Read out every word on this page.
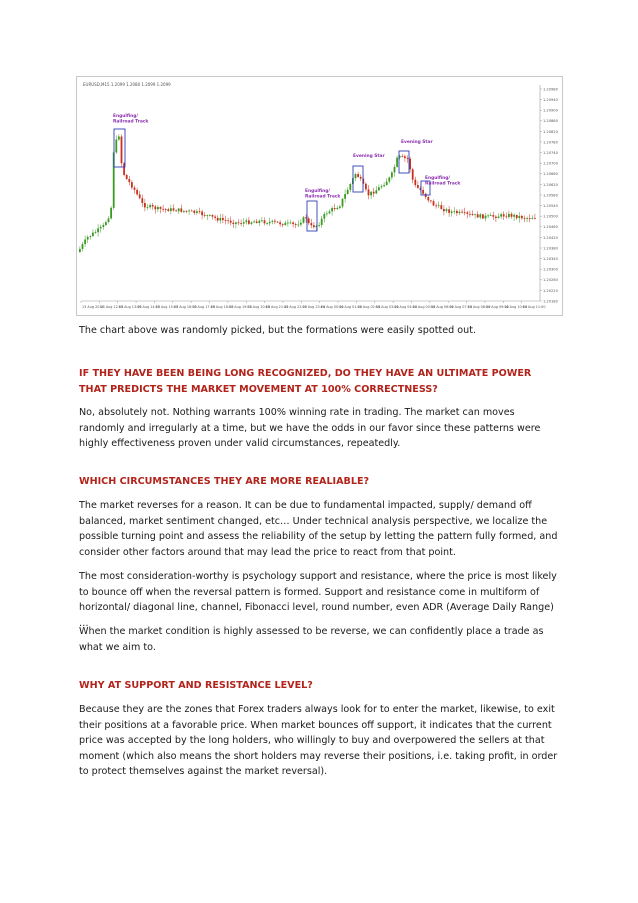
EURUSD,M15 1.2099 1.2080 1.2099 1.2099
1.20980
1.20940
1.20900
1.20860
1.20820
1.20780
1.20740
1.20700
1.20660
1.20620
1.20580
1.20540
1.20500
1.20460
1.20420
1.20380
1.20340
1.20300
1.20260
1.20220
1.20180
13 Aug 2014
13 Aug 12:00
13 Aug 13:00
13 Aug 14:00
13 Aug 15:00
13 Aug 16:00
13 Aug 17:00
13 Aug 18:00
13 Aug 19:00
13 Aug 20:00
13 Aug 21:00
13 Aug 22:00
13 Aug 23:00
14 Aug 00:00
14 Aug 01:00
14 Aug 02:00
14 Aug 03:00
14 Aug 04:00
14 Aug 05:00
14 Aug 06:00
14 Aug 07:00
14 Aug 08:00
14 Aug 09:00
14 Aug 10:00
14 Aug 11:00
Engulfing/
Railroad Track
Engulfing/
Railroad Track
Evening Star
Evening Star
Engulfing/
Railroad Track

The chart above was randomly picked, but the formations were easily spotted out.

IF THEY HAVE BEEN BEING LONG RECOGNIZED, DO THEY HAVE AN ULTIMATE POWER THAT PREDICTS THE MARKET MOVEMENT AT 100% CORRECTNESS?

No, absolutely not. Nothing warrants 100% winning rate in trading. The market can moves randomly and irregularly at a time, but we have the odds in our favor since these patterns were highly effectiveness proven under valid circumstances, repeatedly.

WHICH CIRCUMSTANCES THEY ARE MORE REALIABLE?

The market reverses for a reason. It can be due to fundamental impacted, supply/ demand off balanced, market sentiment changed, etc… Under technical analysis perspective, we localize the possible turning point and assess the reliability of the setup by letting the pattern fully formed, and consider other factors around that may lead the price to react from that point.

The most consideration-worthy is psychology support and resistance, where the price is most likely to bounce off when the reversal pattern is formed. Support and resistance come in multiform of horizontal/ diagonal line, channel, Fibonacci level, round number, even ADR (Average Daily Range) …

When the market condition is highly assessed to be reverse, we can confidently place a trade as what we aim to.

WHY AT SUPPORT AND RESISTANCE LEVEL?

Because they are the zones that Forex traders always look for to enter the market, likewise, to exit their positions at a favorable price. When market bounces off support, it indicates that the current price was accepted by the long holders, who willingly to buy and overpowered the sellers at that moment (which also means the short holders may reverse their positions, i.e. taking profit, in order to protect themselves against the market reversal).
